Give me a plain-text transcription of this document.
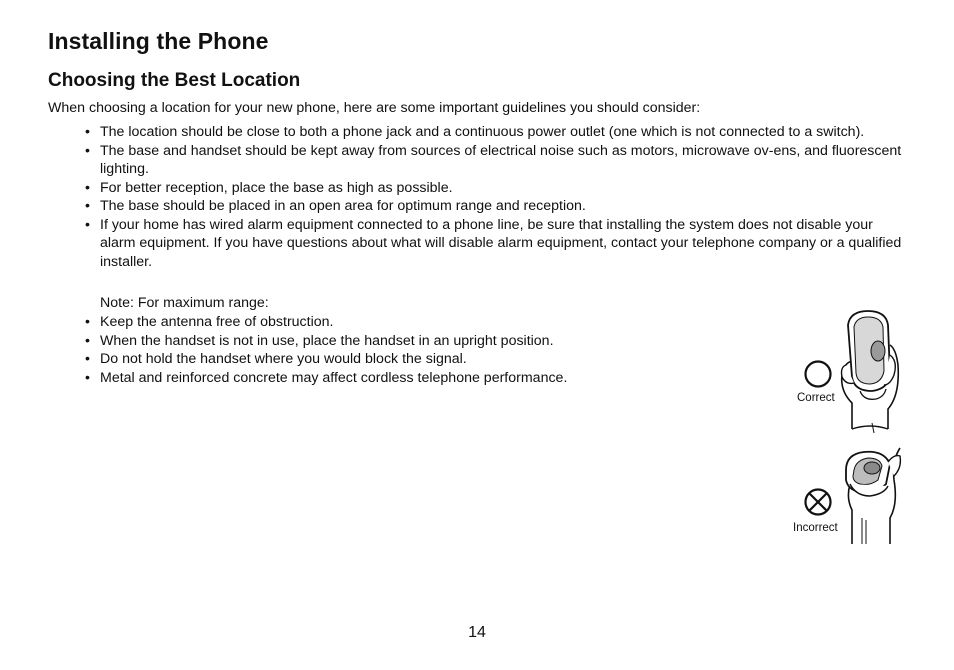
Installing the Phone
Choosing the Best Location

When choosing a location for your new phone, here are some important guidelines you should consider:

• The location should be close to both a phone jack and a continuous power outlet (one which is not connected to a switch).
• The base and handset should be kept away from sources of electrical noise such as motors, microwave ov-ens, and fluorescent lighting.
• For better reception, place the base as high as possible.
• The base should be placed in an open area for optimum range and reception.
• If your home has wired alarm equipment connected to a phone line, be sure that installing the system does not disable your alarm equipment. If you have questions about what will disable alarm equipment, contact your telephone company or a qualified installer.

Note: For maximum range:

• Keep the antenna free of obstruction.
• When the handset is not in use, place the handset in an upright position.
• Do not hold the handset where you would block the signal.
• Metal and reinforced concrete may affect cordless telephone performance.
Correct
Incorrect
14
